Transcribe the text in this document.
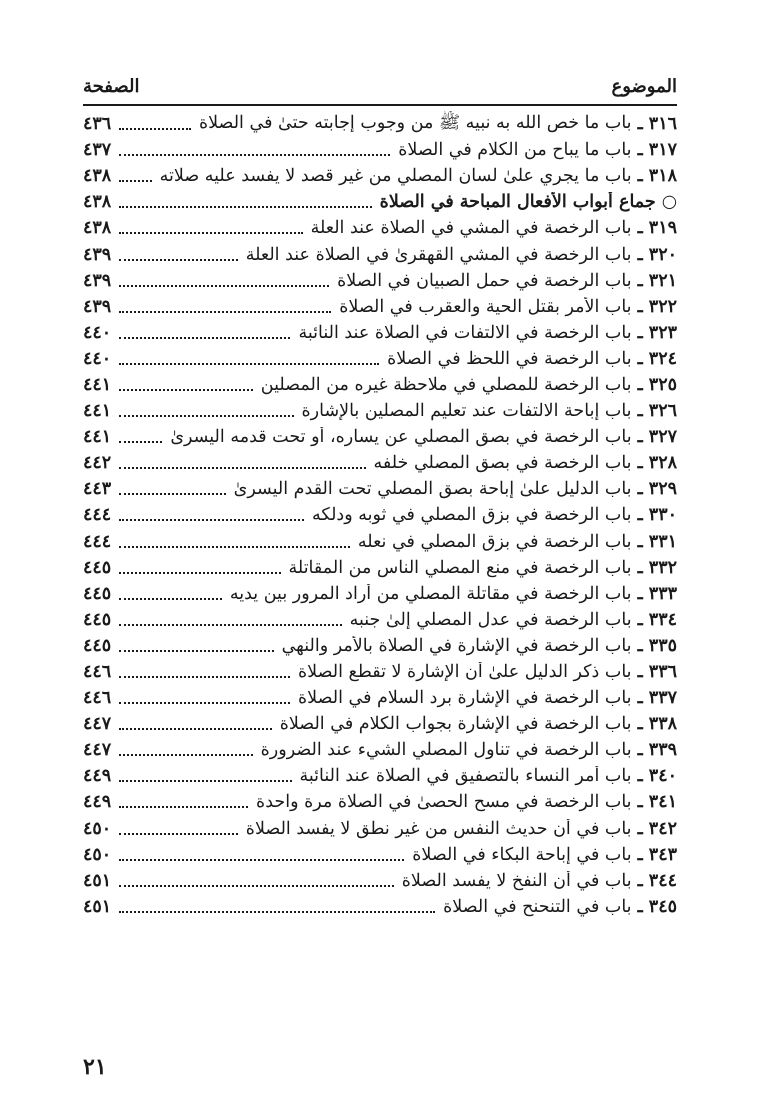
الموضوع
الصفحة
٣١٦ ـ
باب ما خص الله به نبيه ﷺ من وجوب إجابته حتىٰ في الصلاة
٤٣٦
٣١٧ ـ
باب ما يباح من الكلام في الصلاة
٤٣٧
٣١٨ ـ
باب ما يجري علىٰ لسان المصلي من غير قصد لا يفسد عليه صلاته
٤٣٨
○
جماع أبواب الأفعال المباحة في الصلاة
٤٣٨
٣١٩ ـ
باب الرخصة في المشي في الصلاة عند العلة
٤٣٨
٣٢٠ ـ
باب الرخصة في المشي القهقرىٰ في الصلاة عند العلة
٤٣٩
٣٢١ ـ
باب الرخصة في حمل الصبيان في الصلاة
٤٣٩
٣٢٢ ـ
باب الأمر بقتل الحية والعقرب في الصلاة
٤٣٩
٣٢٣ ـ
باب الرخصة في الالتفات في الصلاة عند النائبة
٤٤٠
٣٢٤ ـ
باب الرخصة في اللحظ في الصلاة
٤٤٠
٣٢٥ ـ
باب الرخصة للمصلي في ملاحظة غيره من المصلين
٤٤١
٣٢٦ ـ
باب إباحة الالتفات عند تعليم المصلين بالإشارة
٤٤١
٣٢٧ ـ
باب الرخصة في بصق المصلي عن يساره، أو تحت قدمه اليسرىٰ
٤٤١
٣٢٨ ـ
باب الرخصة في بصق المصلي خلفه
٤٤٢
٣٢٩ ـ
باب الدليل علىٰ إباحة بصق المصلي تحت القدم اليسرىٰ
٤٤٣
٣٣٠ ـ
باب الرخصة في بزق المصلي في ثوبه ودلكه
٤٤٤
٣٣١ ـ
باب الرخصة في بزق المصلي في نعله
٤٤٤
٣٣٢ ـ
باب الرخصة في منع المصلي الناس من المقاتلة
٤٤٥
٣٣٣ ـ
باب الرخصة في مقاتلة المصلي من أراد المرور بين يديه
٤٤٥
٣٣٤ ـ
باب الرخصة في عدل المصلي إلىٰ جنبه
٤٤٥
٣٣٥ ـ
باب الرخصة في الإشارة في الصلاة بالأمر والنهي
٤٤٥
٣٣٦ ـ
باب ذكر الدليل علىٰ أن الإشارة لا تقطع الصلاة
٤٤٦
٣٣٧ ـ
باب الرخصة في الإشارة برد السلام في الصلاة
٤٤٦
٣٣٨ ـ
باب الرخصة في الإشارة بجواب الكلام في الصلاة
٤٤٧
٣٣٩ ـ
باب الرخصة في تناول المصلي الشيء عند الضرورة
٤٤٧
٣٤٠ ـ
باب أمر النساء بالتصفيق في الصلاة عند النائبة
٤٤٩
٣٤١ ـ
باب الرخصة في مسح الحصىٰ في الصلاة مرة واحدة
٤٤٩
٣٤٢ ـ
باب في أن حديث النفس من غير نطق لا يفسد الصلاة
٤٥٠
٣٤٣ ـ
باب في إباحة البكاء في الصلاة
٤٥٠
٣٤٤ ـ
باب في أن النفخ لا يفسد الصلاة
٤٥١
٣٤٥ ـ
باب في التنحنح في الصلاة
٤٥١
٢١
